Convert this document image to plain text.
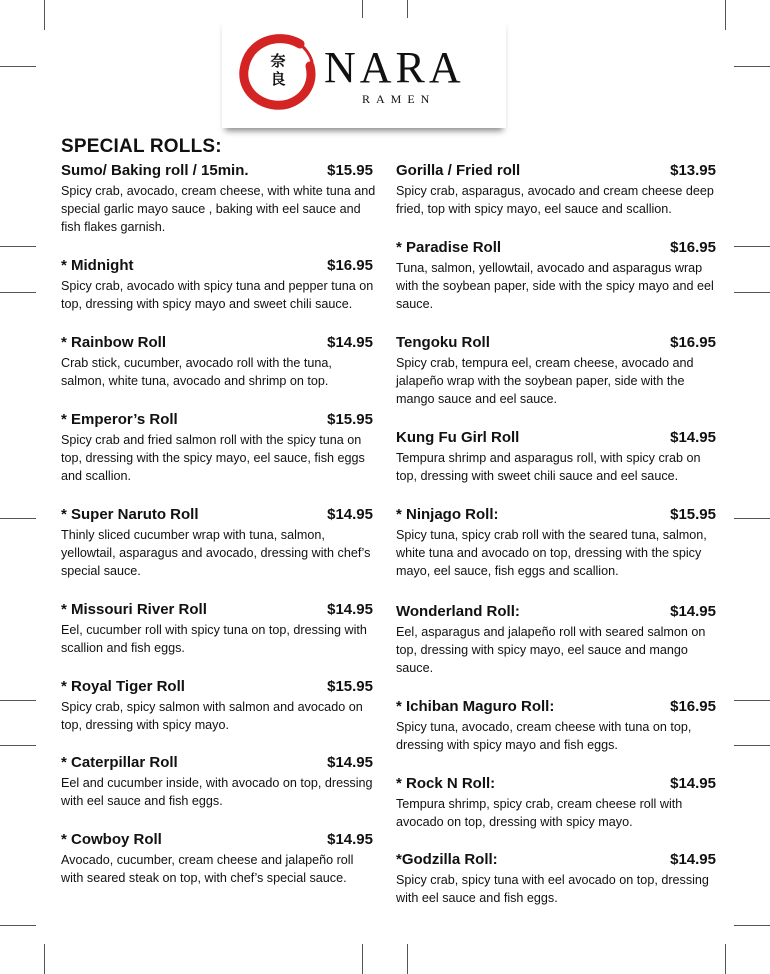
奈
良 NARA
RAMEN
SPECIAL ROLLS:
Sumo/ Baking roll / 15min.	$15.95
Spicy crab, avocado, cream cheese, with white tuna and special garlic mayo sauce , baking with eel sauce and fish flakes garnish.
* Midnight	$16.95
Spicy crab, avocado with spicy tuna and pepper tuna on top, dressing with spicy mayo and sweet chili sauce.
* Rainbow Roll	$14.95
Crab stick, cucumber, avocado roll with the tuna, salmon, white tuna, avocado and shrimp on top.
* Emperor’s Roll	$15.95
Spicy crab and fried salmon roll with the spicy tuna on top, dressing with the spicy mayo, eel sauce, fish eggs and scallion.
* Super Naruto Roll	$14.95
Thinly sliced cucumber wrap with tuna, salmon, yellowtail, asparagus and avocado, dressing with chef’s special sauce.
* Missouri River Roll	$14.95
Eel, cucumber roll with spicy tuna on top, dressing with scallion and fish eggs.
* Royal Tiger Roll	$15.95
Spicy crab, spicy salmon with salmon and avocado on top, dressing with spicy mayo.
* Caterpillar Roll	$14.95
Eel and cucumber inside, with avocado on top, dressing with eel sauce and fish eggs.
* Cowboy Roll	$14.95
Avocado, cucumber, cream cheese and jalapeño roll with seared steak on top, with chef’s special sauce.
Gorilla / Fried roll	$13.95
Spicy crab, asparagus, avocado and cream cheese deep fried, top with spicy mayo, eel sauce and scallion.
* Paradise Roll	$16.95
Tuna, salmon, yellowtail, avocado and asparagus wrap with the soybean paper, side with the spicy mayo and eel sauce.
Tengoku Roll	$16.95
Spicy crab, tempura eel, cream cheese, avocado and jalapeño wrap with the soybean paper, side with the mango sauce and eel sauce.
Kung Fu Girl Roll	$14.95
Tempura shrimp and asparagus roll, with spicy crab on top, dressing with sweet chili sauce and eel sauce.
* Ninjago Roll:	$15.95
Spicy tuna, spicy crab roll with the seared tuna, salmon, white tuna and avocado on top, dressing with the spicy mayo, eel sauce, fish eggs and scallion.
Wonderland Roll:	$14.95
Eel, asparagus and jalapeño roll with seared salmon on top, dressing with spicy mayo, eel sauce and mango sauce.
* Ichiban Maguro Roll:	$16.95
Spicy tuna, avocado, cream cheese with tuna on top, dressing with spicy mayo and fish eggs.
* Rock N Roll:	$14.95
Tempura shrimp, spicy crab, cream cheese roll with avocado on top, dressing with spicy mayo.
*Godzilla Roll:	$14.95
Spicy crab, spicy tuna with eel avocado on top, dressing with eel sauce and fish eggs.
